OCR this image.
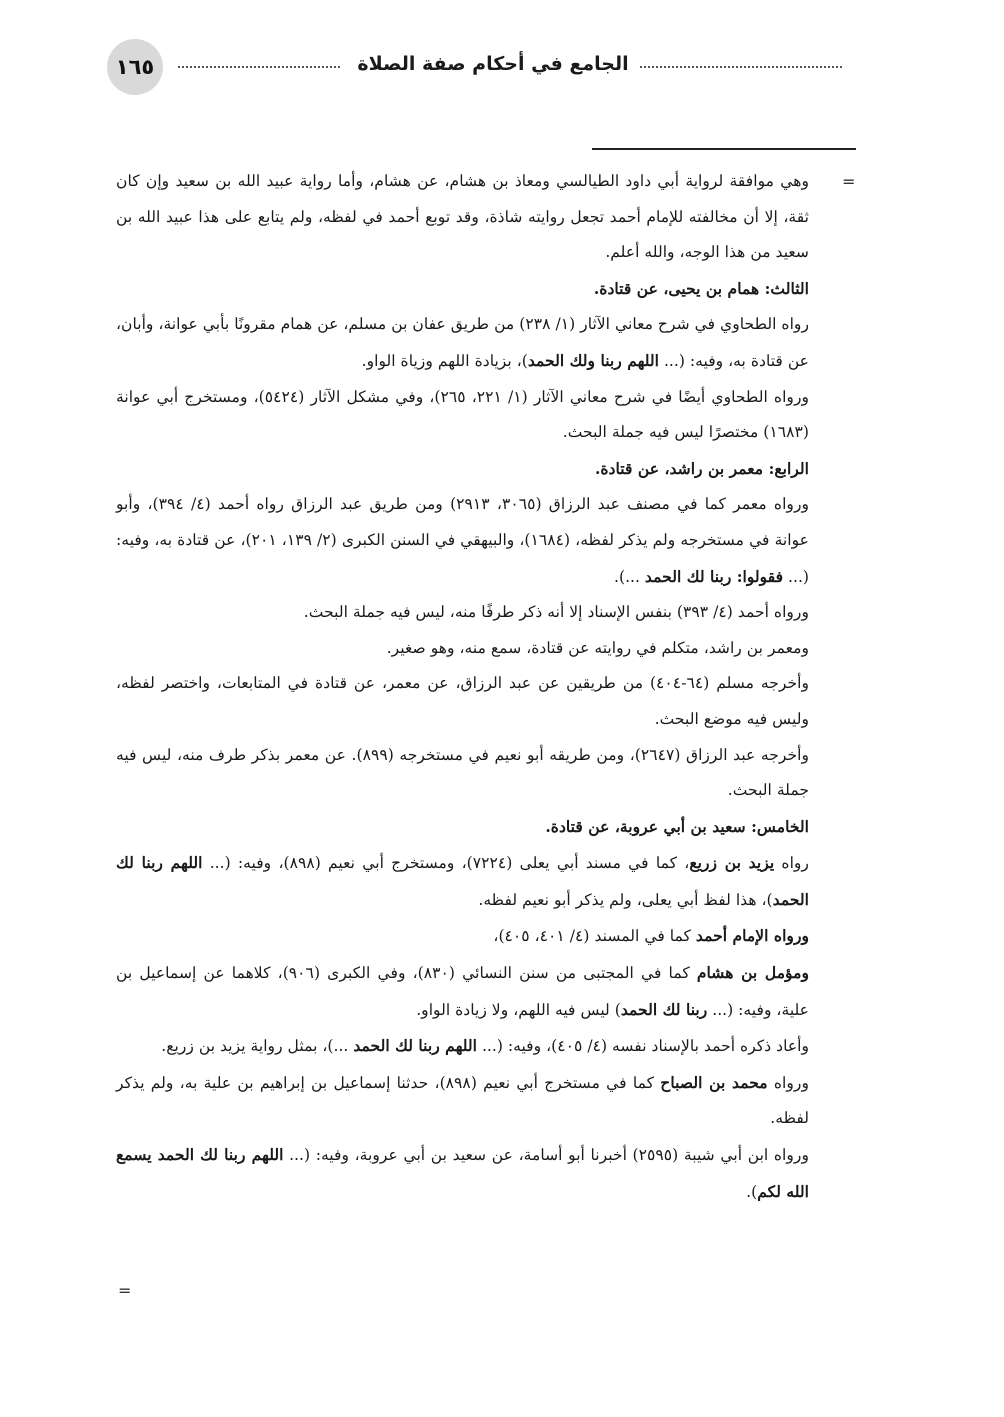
١٦٥	الجامع في أحكام صفة الصلاة
=

وهي موافقة لرواية أبي داود الطيالسي ومعاذ بن هشام، عن هشام، وأما رواية عبيد الله بن سعيد وإن كان ثقة، إلا أن مخالفته للإمام أحمد تجعل روايته شاذة، وقد توبع أحمد في لفظه، ولم يتابع على هذا عبيد الله بن سعيد من هذا الوجه، والله أعلم.

الثالث: همام بن يحيى، عن قتادة.

رواه الطحاوي في شرح معاني الآثار (١/ ٢٣٨) من طريق عفان بن مسلم، عن همام مقرونًا بأبي عوانة، وأبان، عن قتادة به، وفيه: (... اللهم ربنا ولك الحمد)، بزيادة اللهم وزياة الواو.

ورواه الطحاوي أيضًا في شرح معاني الآثار (١/ ٢٢١، ٢٦٥)، وفي مشكل الآثار (٥٤٢٤)، ومستخرج أبي عوانة (١٦٨٣) مختصرًا ليس فيه جملة البحث.

الرابع: معمر بن راشد، عن قتادة.

ورواه معمر كما في مصنف عبد الرزاق (٣٠٦٥، ٢٩١٣) ومن طريق عبد الرزاق رواه أحمد (٤/ ٣٩٤)، وأبو عوانة في مستخرجه ولم يذكر لفظه، (١٦٨٤)، والبيهقي في السنن الكبرى (٢/ ١٣٩، ٢٠١)، عن قتادة به، وفيه: (... فقولوا: ربنا لك الحمد ...).

ورواه أحمد (٤/ ٣٩٣) بنفس الإسناد إلا أنه ذكر طرفًا منه، ليس فيه جملة البحث.

ومعمر بن راشد، متكلم في روايته عن قتادة، سمع منه، وهو صغير.

وأخرجه مسلم (٦٤-٤٠٤) من طريقين عن عبد الرزاق، عن معمر، عن قتادة في المتابعات، واختصر لفظه، وليس فيه موضع البحث.

وأخرجه عبد الرزاق (٢٦٤٧)، ومن طريقه أبو نعيم في مستخرجه (٨٩٩). عن معمر بذكر طرف منه، ليس فيه جملة البحث.

الخامس: سعيد بن أبي عروبة، عن قتادة.

رواه يزيد بن زريع، كما في مسند أبي يعلى (٧٢٢٤)، ومستخرج أبي نعيم (٨٩٨)، وفيه: (... اللهم ربنا لك الحمد)، هذا لفظ أبي يعلى، ولم يذكر أبو نعيم لفظه.

ورواه الإمام أحمد كما في المسند (٤/ ٤٠١، ٤٠٥)،

ومؤمل بن هشام كما في المجتبى من سنن النسائي (٨٣٠)، وفي الكبرى (٩٠٦)، كلاهما عن إسماعيل بن علية، وفيه: (... ربنا لك الحمد) ليس فيه اللهم، ولا زيادة الواو.

وأعاد ذكره أحمد بالإسناد نفسه (٤/ ٤٠٥)، وفيه: (... اللهم ربنا لك الحمد ...)، بمثل رواية يزيد بن زريع.

ورواه محمد بن الصباح كما في مستخرج أبي نعيم (٨٩٨)، حدثنا إسماعيل بن إبراهيم بن علية به، ولم يذكر لفظه.

ورواه ابن أبي شيبة (٢٥٩٥) أخبرنا أبو أسامة، عن سعيد بن أبي عروبة، وفيه: (... اللهم ربنا لك الحمد يسمع الله لكم).

=
